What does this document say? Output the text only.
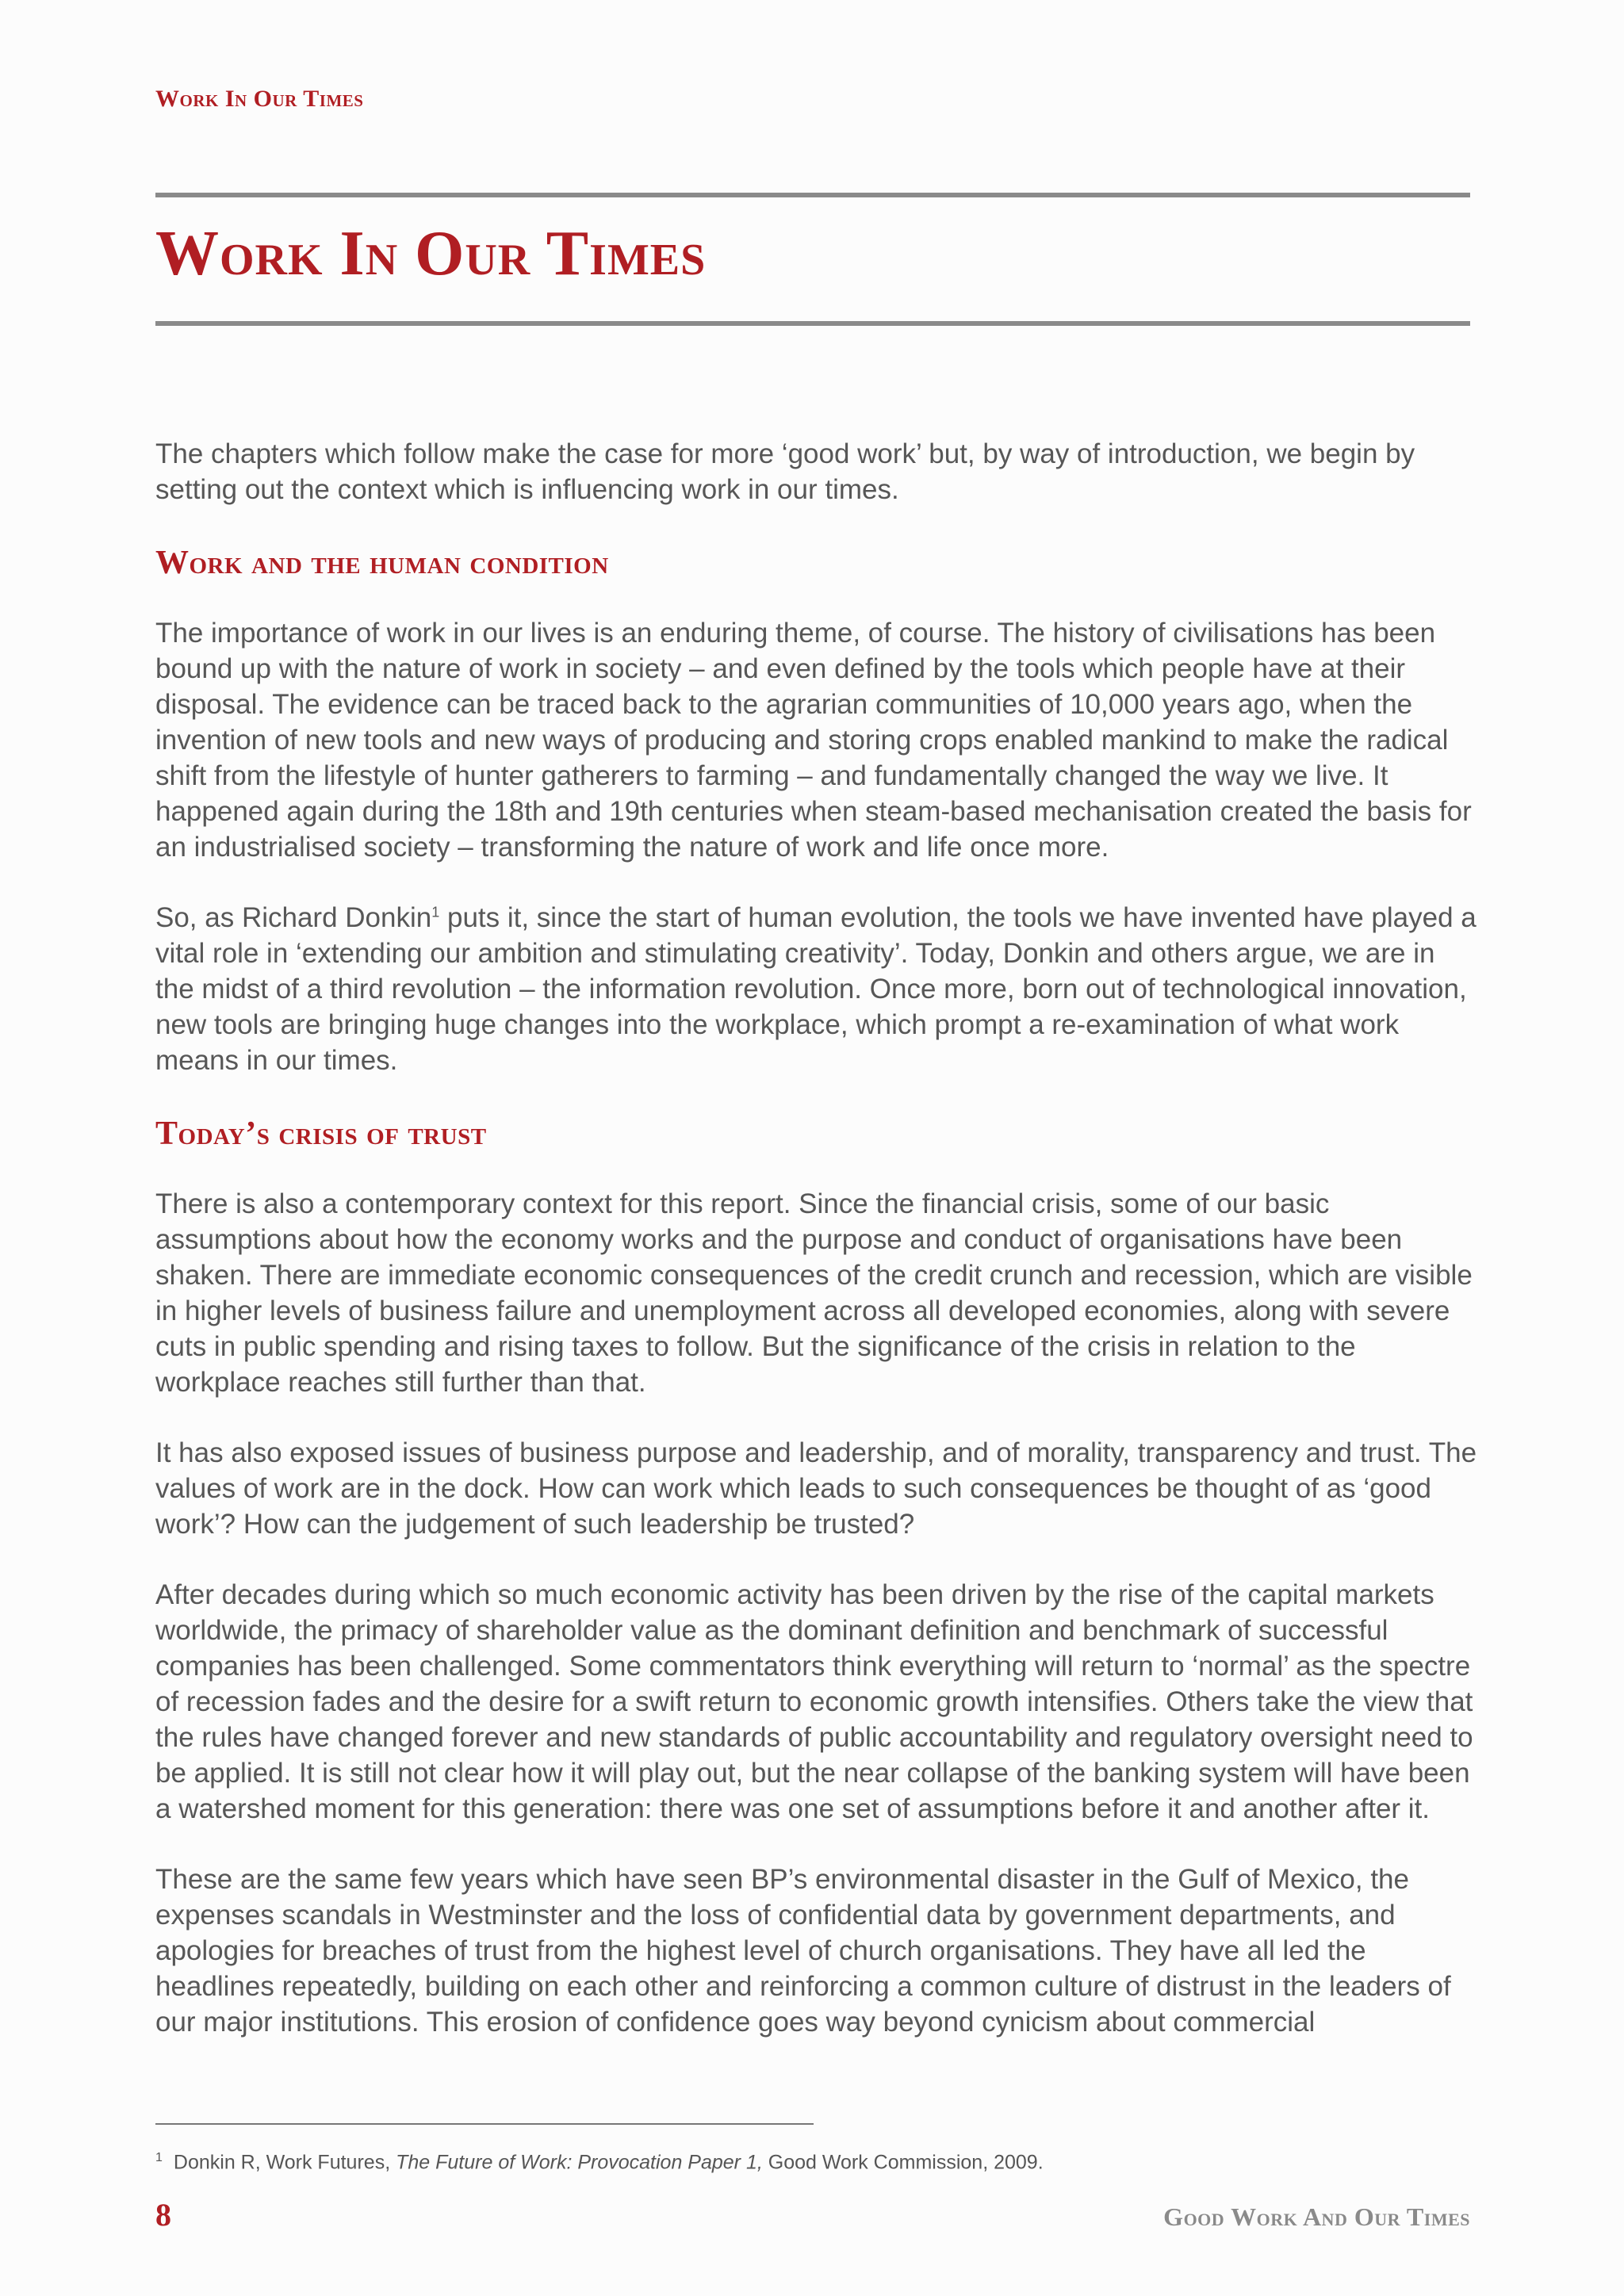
Work In Our Times
Work In Our Times

The chapters which follow make the case for more ‘good work’ but, by way of introduction, we begin by setting out the context which is influencing work in our times.

Work and the human condition

The importance of work in our lives is an enduring theme, of course. The history of civilisations has been bound up with the nature of work in society – and even defined by the tools which people have at their disposal. The evidence can be traced back to the agrarian communities of 10,000 years ago, when the invention of new tools and new ways of producing and storing crops enabled mankind to make the radical shift from the lifestyle of hunter gatherers to farming – and fundamentally changed the way we live. It happened again during the 18th and 19th centuries when steam-based mechanisation created the basis for an industrialised society – transforming the nature of work and life once more.

So, as Richard Donkin$^1$ puts it, since the start of human evolution, the tools we have invented have played a vital role in ‘extending our ambition and stimulating creativity’. Today, Donkin and others argue, we are in the midst of a third revolution – the information revolution. Once more, born out of technological innovation, new tools are bringing huge changes into the workplace, which prompt a re-examination of what work means in our times.

Today’s crisis of trust

There is also a contemporary context for this report. Since the financial crisis, some of our basic assumptions about how the economy works and the purpose and conduct of organisations have been shaken. There are immediate economic consequences of the credit crunch and recession, which are visible in higher levels of business failure and unemployment across all developed economies, along with severe cuts in public spending and rising taxes to follow. But the significance of the crisis in relation to the workplace reaches still further than that.

It has also exposed issues of business purpose and leadership, and of morality, transparency and trust. The values of work are in the dock. How can work which leads to such consequences be thought of as ‘good work’? How can the judgement of such leadership be trusted?

After decades during which so much economic activity has been driven by the rise of the capital markets worldwide, the primacy of shareholder value as the dominant definition and benchmark of successful companies has been challenged. Some commentators think everything will return to ‘normal’ as the spectre of recession fades and the desire for a swift return to economic growth intensifies. Others take the view that the rules have changed forever and new standards of public accountability and regulatory oversight need to be applied. It is still not clear how it will play out, but the near collapse of the banking system will have been a watershed moment for this generation: there was one set of assumptions before it and another after it.

These are the same few years which have seen BP’s environmental disaster in the Gulf of Mexico, the expenses scandals in Westminster and the loss of confidential data by government departments, and apologies for breaches of trust from the highest level of church organisations. They have all led the headlines repeatedly, building on each other and reinforcing a common culture of distrust in the leaders of our major institutions. This erosion of confidence goes way beyond cynicism about commercial

$^1$ Donkin R, Work Futures, The Future of Work: Provocation Paper 1, Good Work Commission, 2009.
8	Good Work And Our Times
